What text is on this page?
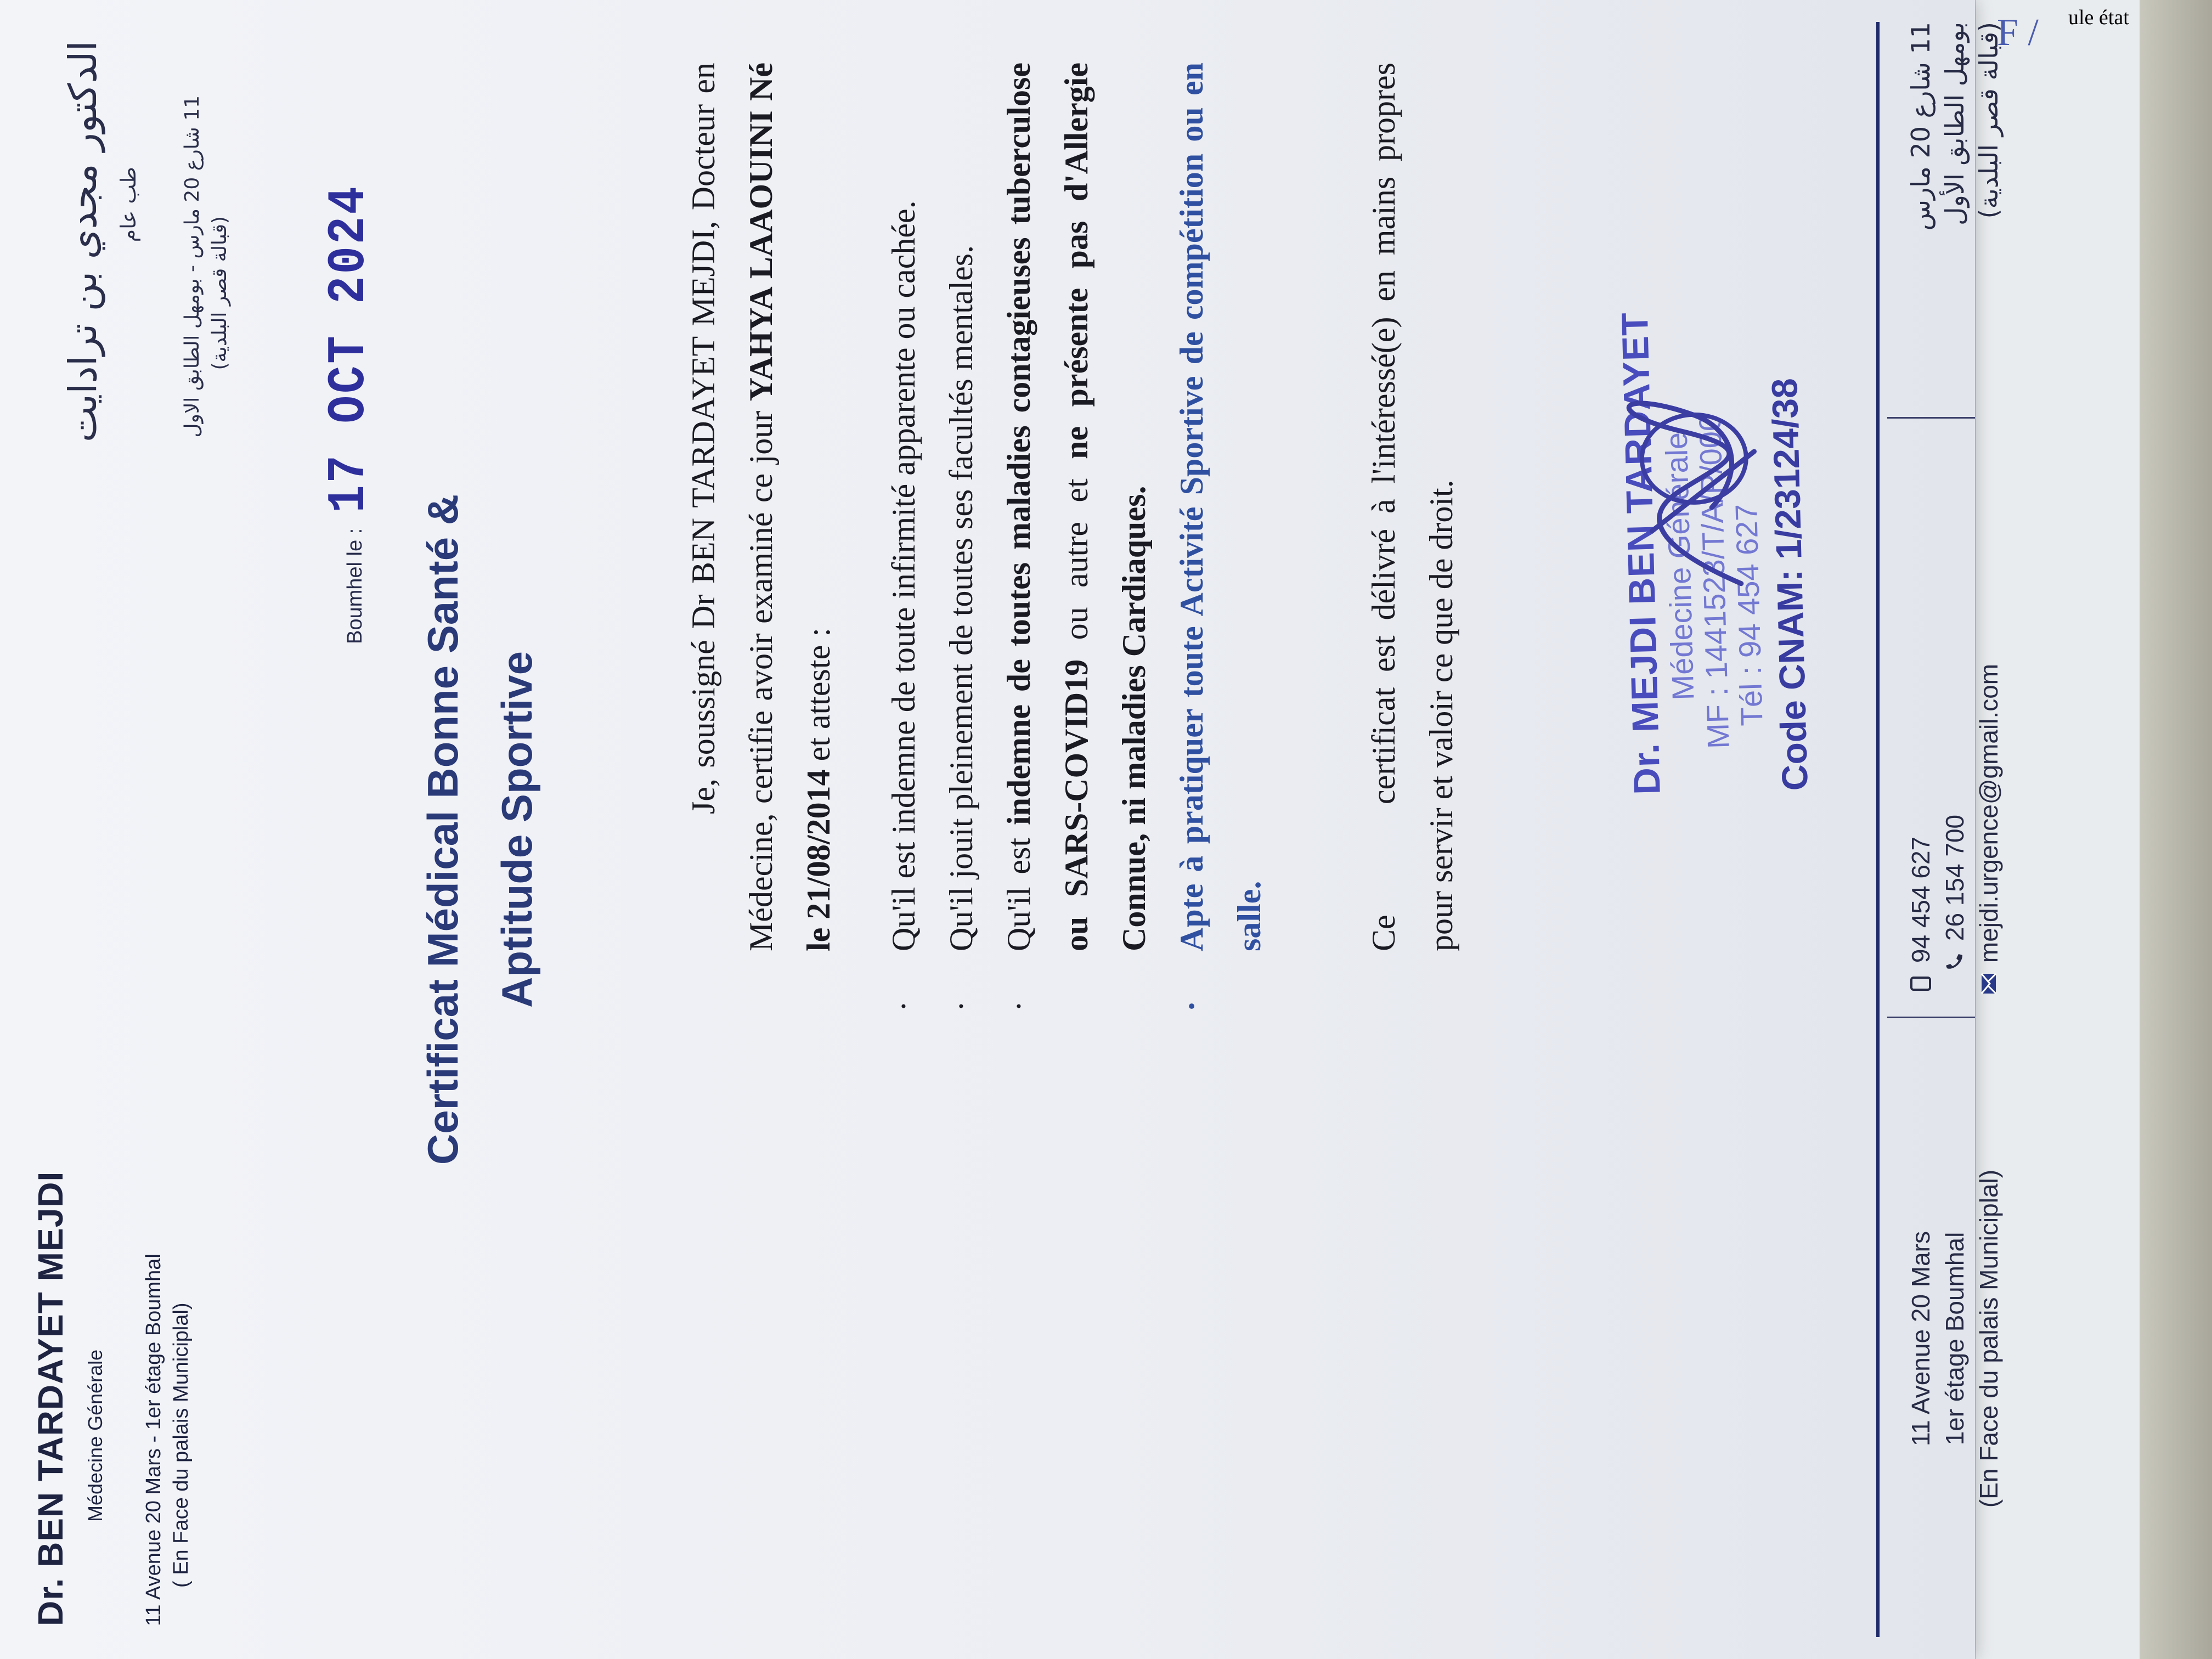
ule état
F /
Dr. BEN TARDAYET MEJDI Médecine Générale 11 Avenue 20 Mars - 1er étage Boumhal ( En Face du palais Municiplal)
الدكتور مجدي بن ترادايت طب عام 11 شارع 20 مارس - بومهل الطابق الاول
(قبالة قصر البلدية)
Boumhel le :
17 OCT 2024
Certificat Médical Bonne Santé & Aptitude Sportive

Je, soussigné Dr BEN TARDAYET MEJDI, Docteur en Médecine, certifie avoir examiné ce jour YAHYA LAAOUINI Né le 21/08/2014 et atteste :	· Qu'il est indemne de toute infirmité apparente ou cachée. · Qu'il jouit pleinement de toutes ses facultés mentales. · Qu'il est indemne de toutes maladies contagieuses tuberculose ou SARS-COVID19 ou autre et ne présente pas d'Allergie Connue, ni maladies Cardiaques. · Apte à pratiquer toute Activité Sportive de compétition ou en salle.	Ce certificat est délivré à l'intéressé(e) en mains propres pour servir et valoir ce que de droit.	Dr. MEJDI BEN TARDAYET
Médecine Générale
MF : 1441523/T/A/P/000
Tél : 94 454 627
Code CNAM: 1/23124/38
11 Avenue 20 Mars 1er étage Boumhal (En Face du palais Municiplal)
94 454 627 26 154 700 mejdi.urgence@gmail.com
11 شارع 20 مارس بومهل الطابق الأول (قبالة قصر البلدية)
